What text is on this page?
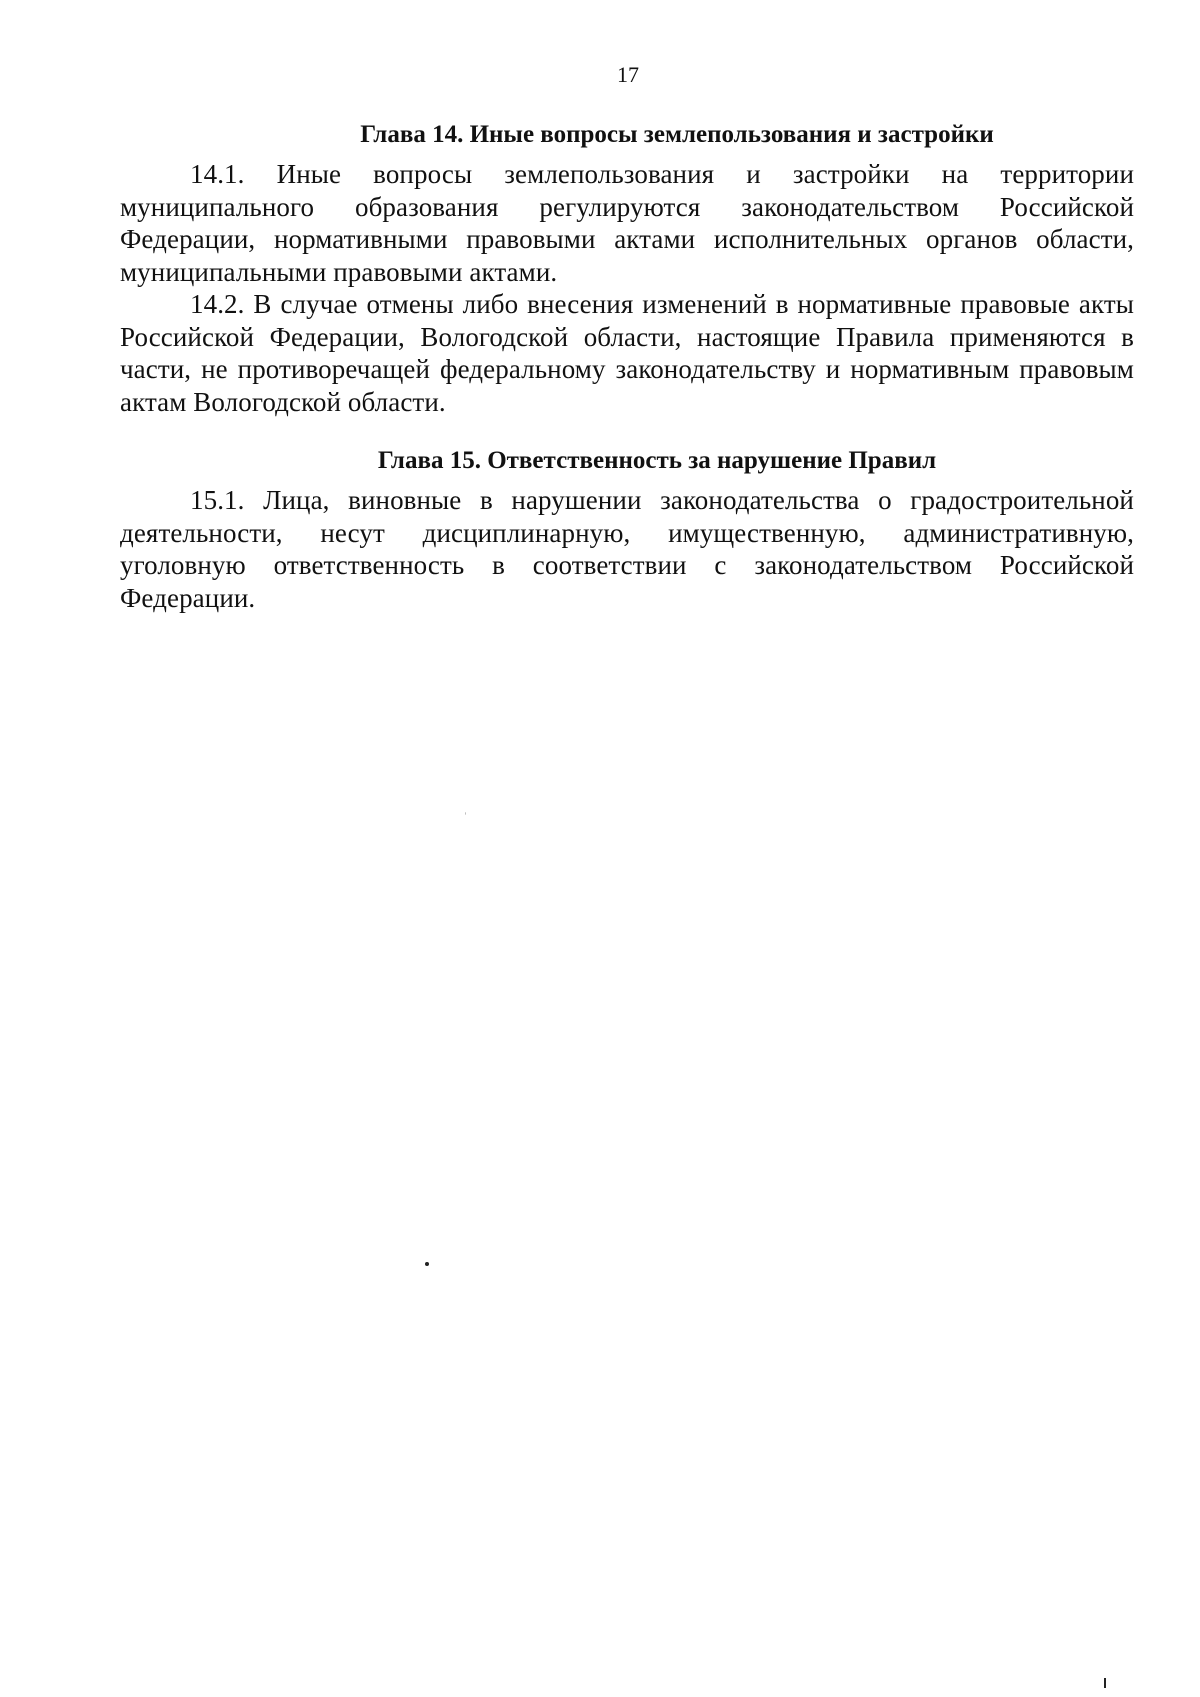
17
Глава 14. Иные вопросы землепользования и застройки

14.1. Иные вопросы землепользования и застройки на территории муниципального образования регулируются законодательством Российской Федерации, нормативными правовыми актами исполнительных органов области, муниципальными правовыми актами.

14.2. В случае отмены либо внесения изменений в нормативные правовые акты Российской Федерации, Вологодской области, настоящие Правила применяются в части, не противоречащей федеральному законодательству и нормативным правовым актам Вологодской области.

Глава 15. Ответственность за нарушение Правил

15.1. Лица, виновные в нарушении законодательства о градостроительной деятельности, несут дисциплинарную, имущественную, административную, уголовную ответственность в соответствии с законодательством Российской Федерации.
